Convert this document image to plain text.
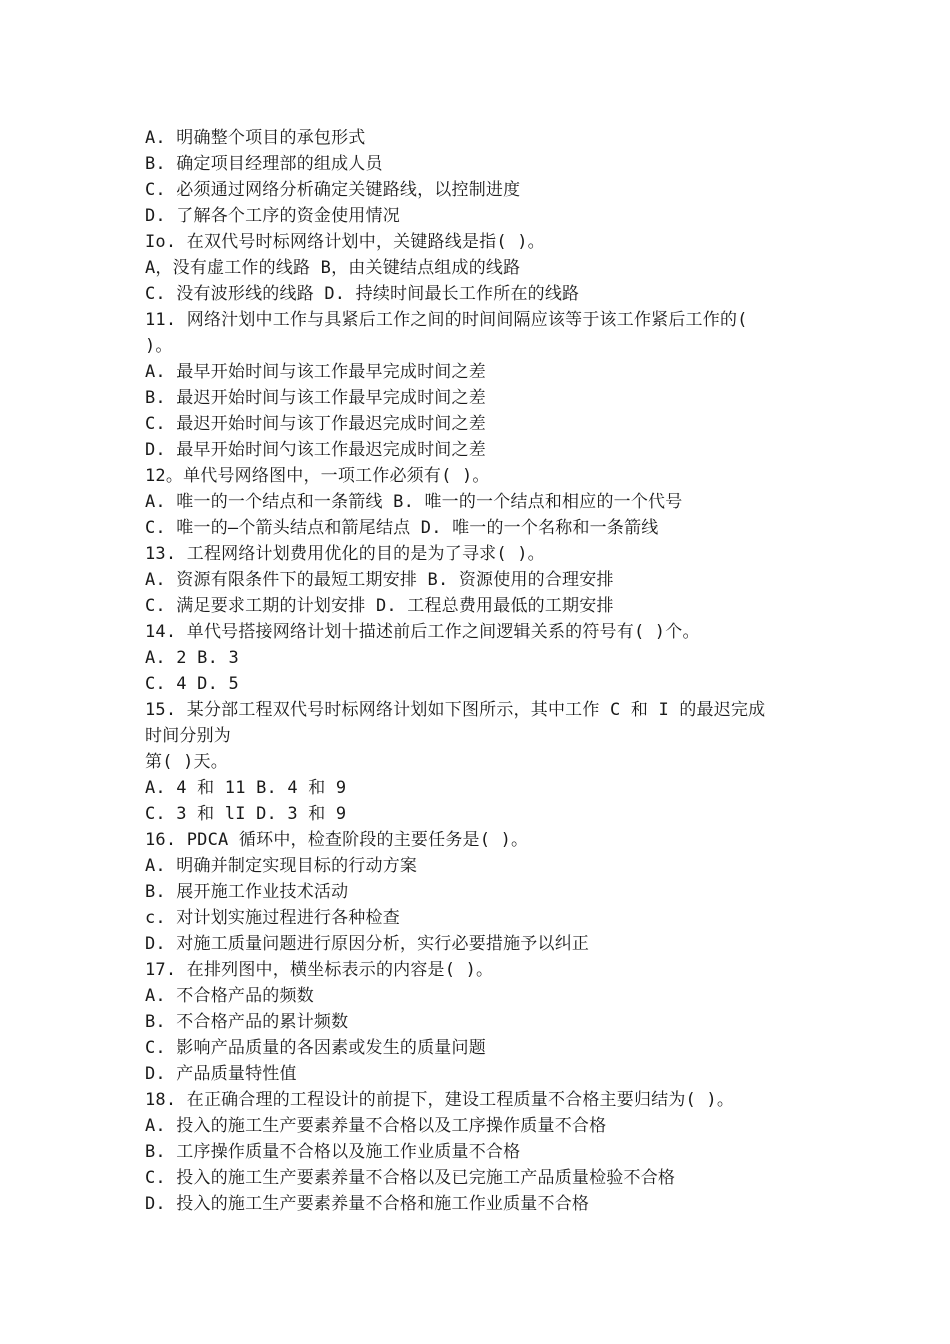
A. 明确整个项目的承包形式
B. 确定项目经理部的组成人员
C. 必须通过网络分析确定关键路线，以控制进度
D. 了解各个工序的资金使用情况
Io. 在双代号时标网络计划中，关键路线是指( )。
A，没有虚工作的线路 B，由关键结点组成的线路
C. 没有波形线的线路 D. 持续时间最长工作所在的线路
11. 网络汁划中工作与具紧后工作之间的时间间隔应该等于该工作紧后工作的(
)。
A. 最早开始时间与该工作最早完成时间之差
B. 最迟开始时间与该工作最早完成时间之差
C. 最迟开始时间与该丁作最迟完成时间之差
D. 最早开始时间勺该工作最迟完成时间之差
12。单代号网络图中，一项工作必须有( )。
A. 唯一的一个结点和一条箭线 B. 唯一的一个结点和相应的一个代号
C. 唯一的—个箭头结点和箭尾结点 D. 唯一的一个名称和一条箭线
13. 工程网络计划费用优化的目的是为了寻求( )。
A. 资源有限条件下的最短工期安排 B. 资源使用的合理安排
C. 满足要求工期的计划安排 D. 工程总费用最低的工期安排
14. 单代号搭接网络计划十描述前后工作之间逻辑关系的符号有( )个。
A. 2 B. 3
C. 4 D. 5
15. 某分部工程双代号时标网络计划如下图所示，其中工作 C 和 I 的最迟完成
时间分别为
第( )天。
A. 4 和 11 B. 4 和 9
C. 3 和 lI D. 3 和 9
16. PDCA 循环中，检查阶段的主要任务是( )。
A. 明确并制定实现目标的行动方案
B. 展开施工作业技术活动
c. 对计划实施过程进行各种检查
D. 对施工质量问题进行原因分析，实行必要措施予以纠正
17. 在排列图中，横坐标表示的内容是( )。
A. 不合格产品的频数
B. 不合格产品的累计频数
C. 影响产品质量的各因素或发生的质量问题
D. 产品质量特性值
18. 在正确合理的工程设计的前提下，建设工程质量不合格主要归结为( )。
A. 投入的施工生产要素养量不合格以及工序操作质量不合格
B. 工序操作质量不合格以及施工作业质量不合格
C. 投入的施工生产要素养量不合格以及已完施工产品质量检验不合格
D. 投入的施工生产要素养量不合格和施工作业质量不合格
